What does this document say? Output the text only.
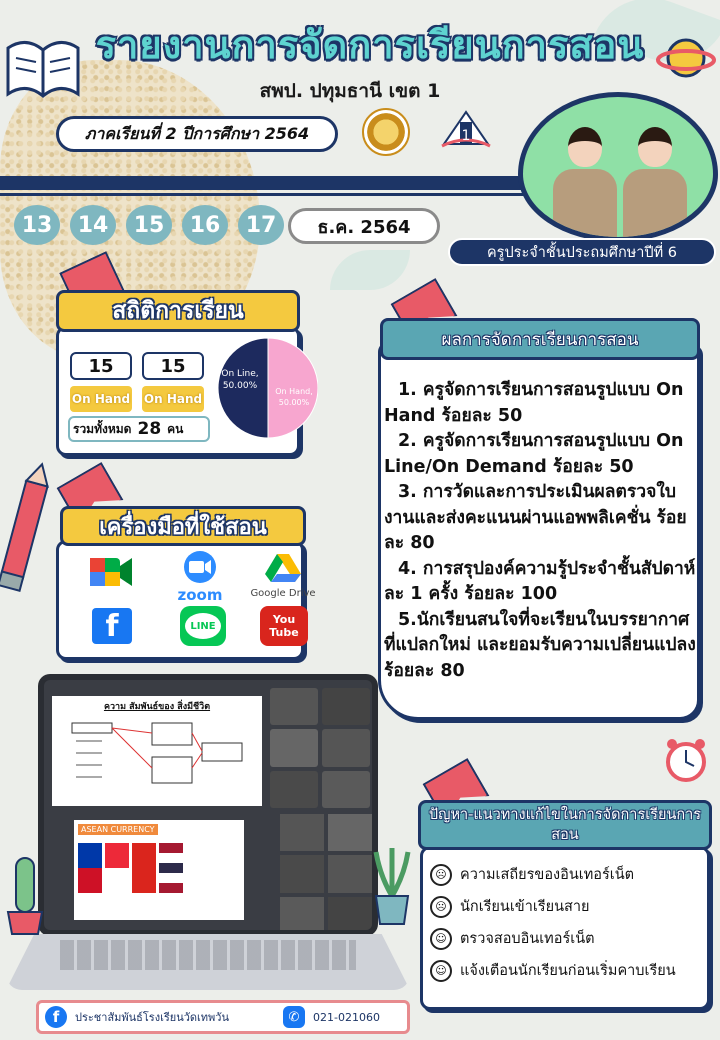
รายงานการจัดการเรียนการสอน
สพป. ปทุมธานี เขต 1
ภาคเรียนที่ 2 ปีการศึกษา 2564	1
ครูประจำชั้นประถมศึกษาปีที่ 6
13	14	15	16	17	ธ.ค. 2564
สถิติการเรียน
15
On Hand
15
On Hand
รวมทั้งหมด 28 คน
On Line,
50.00%
On Hand,
50.00%
เครื่องมือที่ใช้สอน
zoom	Google Drive
f	LINE	You Tube
ผลการจัดการเรียนการสอน

1. ครูจัดการเรียนการสอนรูปแบบ On Hand ร้อยละ 50

2. ครูจัดการเรียนการสอนรูปแบบ On Line/On Demand ร้อยละ 50

3. การวัดและการประเมินผลตรวจใบงานและส่งคะแนนผ่านแอพพลิเคชั่น ร้อยละ 80

4. การสรุปองค์ความรู้ประจำชั้นสัปดาห์ละ 1 ครั้ง ร้อยละ 100

5.นักเรียนสนใจที่จะเรียนในบรรยากาศที่แปลกใหม่ และยอมรับความเปลี่ยนแปลง ร้อยละ 80

ความ สัมพันธ์ของ สิ่งมีชีวิต
ASEAN CURRENCY
ปัญหา-แนวทางแก้ไขในการจัดการเรียนการสอน
☹ ความเสถียรของอินเทอร์เน็ต
☹ นักเรียนเข้าเรียนสาย
☺ ตรวจสอบอินเทอร์เน็ต
☺ แจ้งเตือนนักเรียนก่อนเริ่มคาบเรียน
f	ประชาสัมพันธ์โรงเรียนวัดเทพวัน	✆	021-021060
